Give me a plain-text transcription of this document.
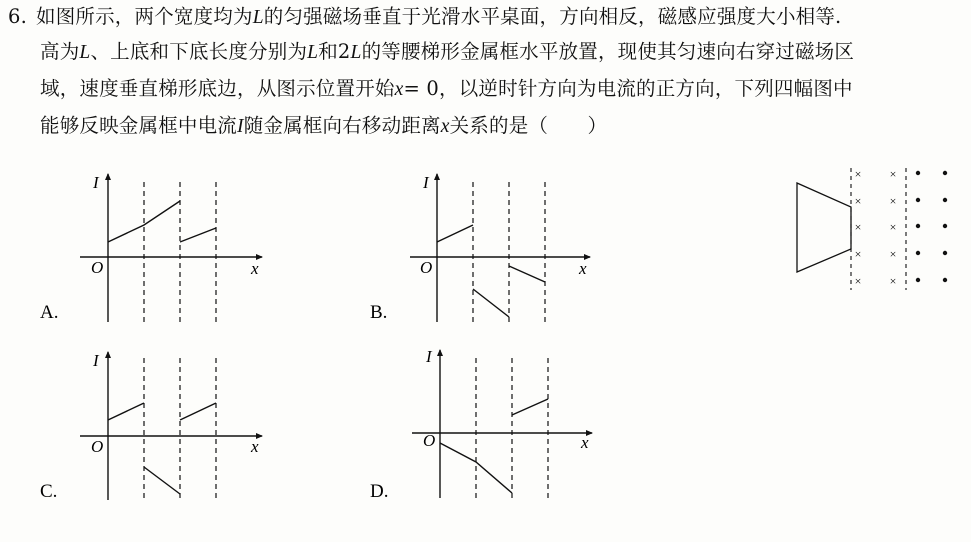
6. 如图所示，两个宽度均为L的匀强磁场垂直于光滑水平桌面，方向相反，磁感应强度大小相等.
高为L、上底和下底长度分别为L和2L的等腰梯形金属框水平放置，现使其匀速向右穿过磁场区
域，速度垂直梯形底边，从图示位置开始x= 0，以逆时针方向为电流的正方向，下列四幅图中
能够反映金属框中电流I随金属框向右移动距离x关系的是（　　）
I
x
O
A.
I
x
O
B.
I
x
O
C.
I
x
O
D.
× ×
× ×
× ×
× ×
× ×
